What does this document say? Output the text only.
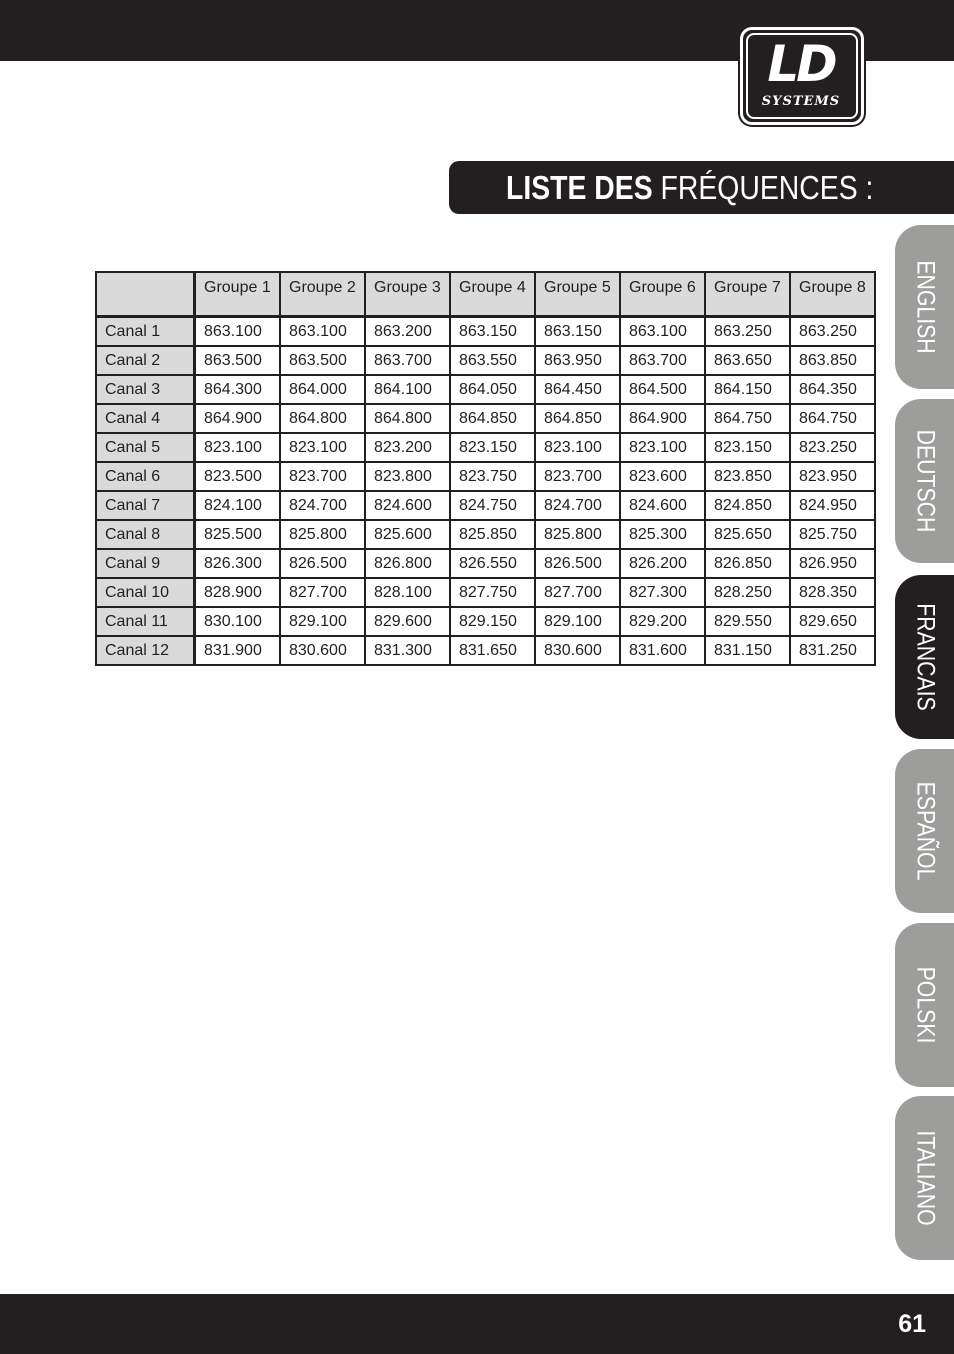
LD
SYSTEMS
LISTE DES FRÉQUENCES :
	Groupe 1	Groupe 2	Groupe 3	Groupe 4	Groupe 5	Groupe 6	Groupe 7	Groupe 8
Canal 1	863.100	863.100	863.200	863.150	863.150	863.100	863.250	863.250
Canal 2	863.500	863.500	863.700	863.550	863.950	863.700	863.650	863.850
Canal 3	864.300	864.000	864.100	864.050	864.450	864.500	864.150	864.350
Canal 4	864.900	864.800	864.800	864.850	864.850	864.900	864.750	864.750
Canal 5	823.100	823.100	823.200	823.150	823.100	823.100	823.150	823.250
Canal 6	823.500	823.700	823.800	823.750	823.700	823.600	823.850	823.950
Canal 7	824.100	824.700	824.600	824.750	824.700	824.600	824.850	824.950
Canal 8	825.500	825.800	825.600	825.850	825.800	825.300	825.650	825.750
Canal 9	826.300	826.500	826.800	826.550	826.500	826.200	826.850	826.950
Canal 10	828.900	827.700	828.100	827.750	827.700	827.300	828.250	828.350
Canal 11	830.100	829.100	829.600	829.150	829.100	829.200	829.550	829.650
Canal 12	831.900	830.600	831.300	831.650	830.600	831.600	831.150	831.250
ENGLISH
DEUTSCH
FRANCAIS
ESPAÑOL
POLSKI
ITALIANO
61
